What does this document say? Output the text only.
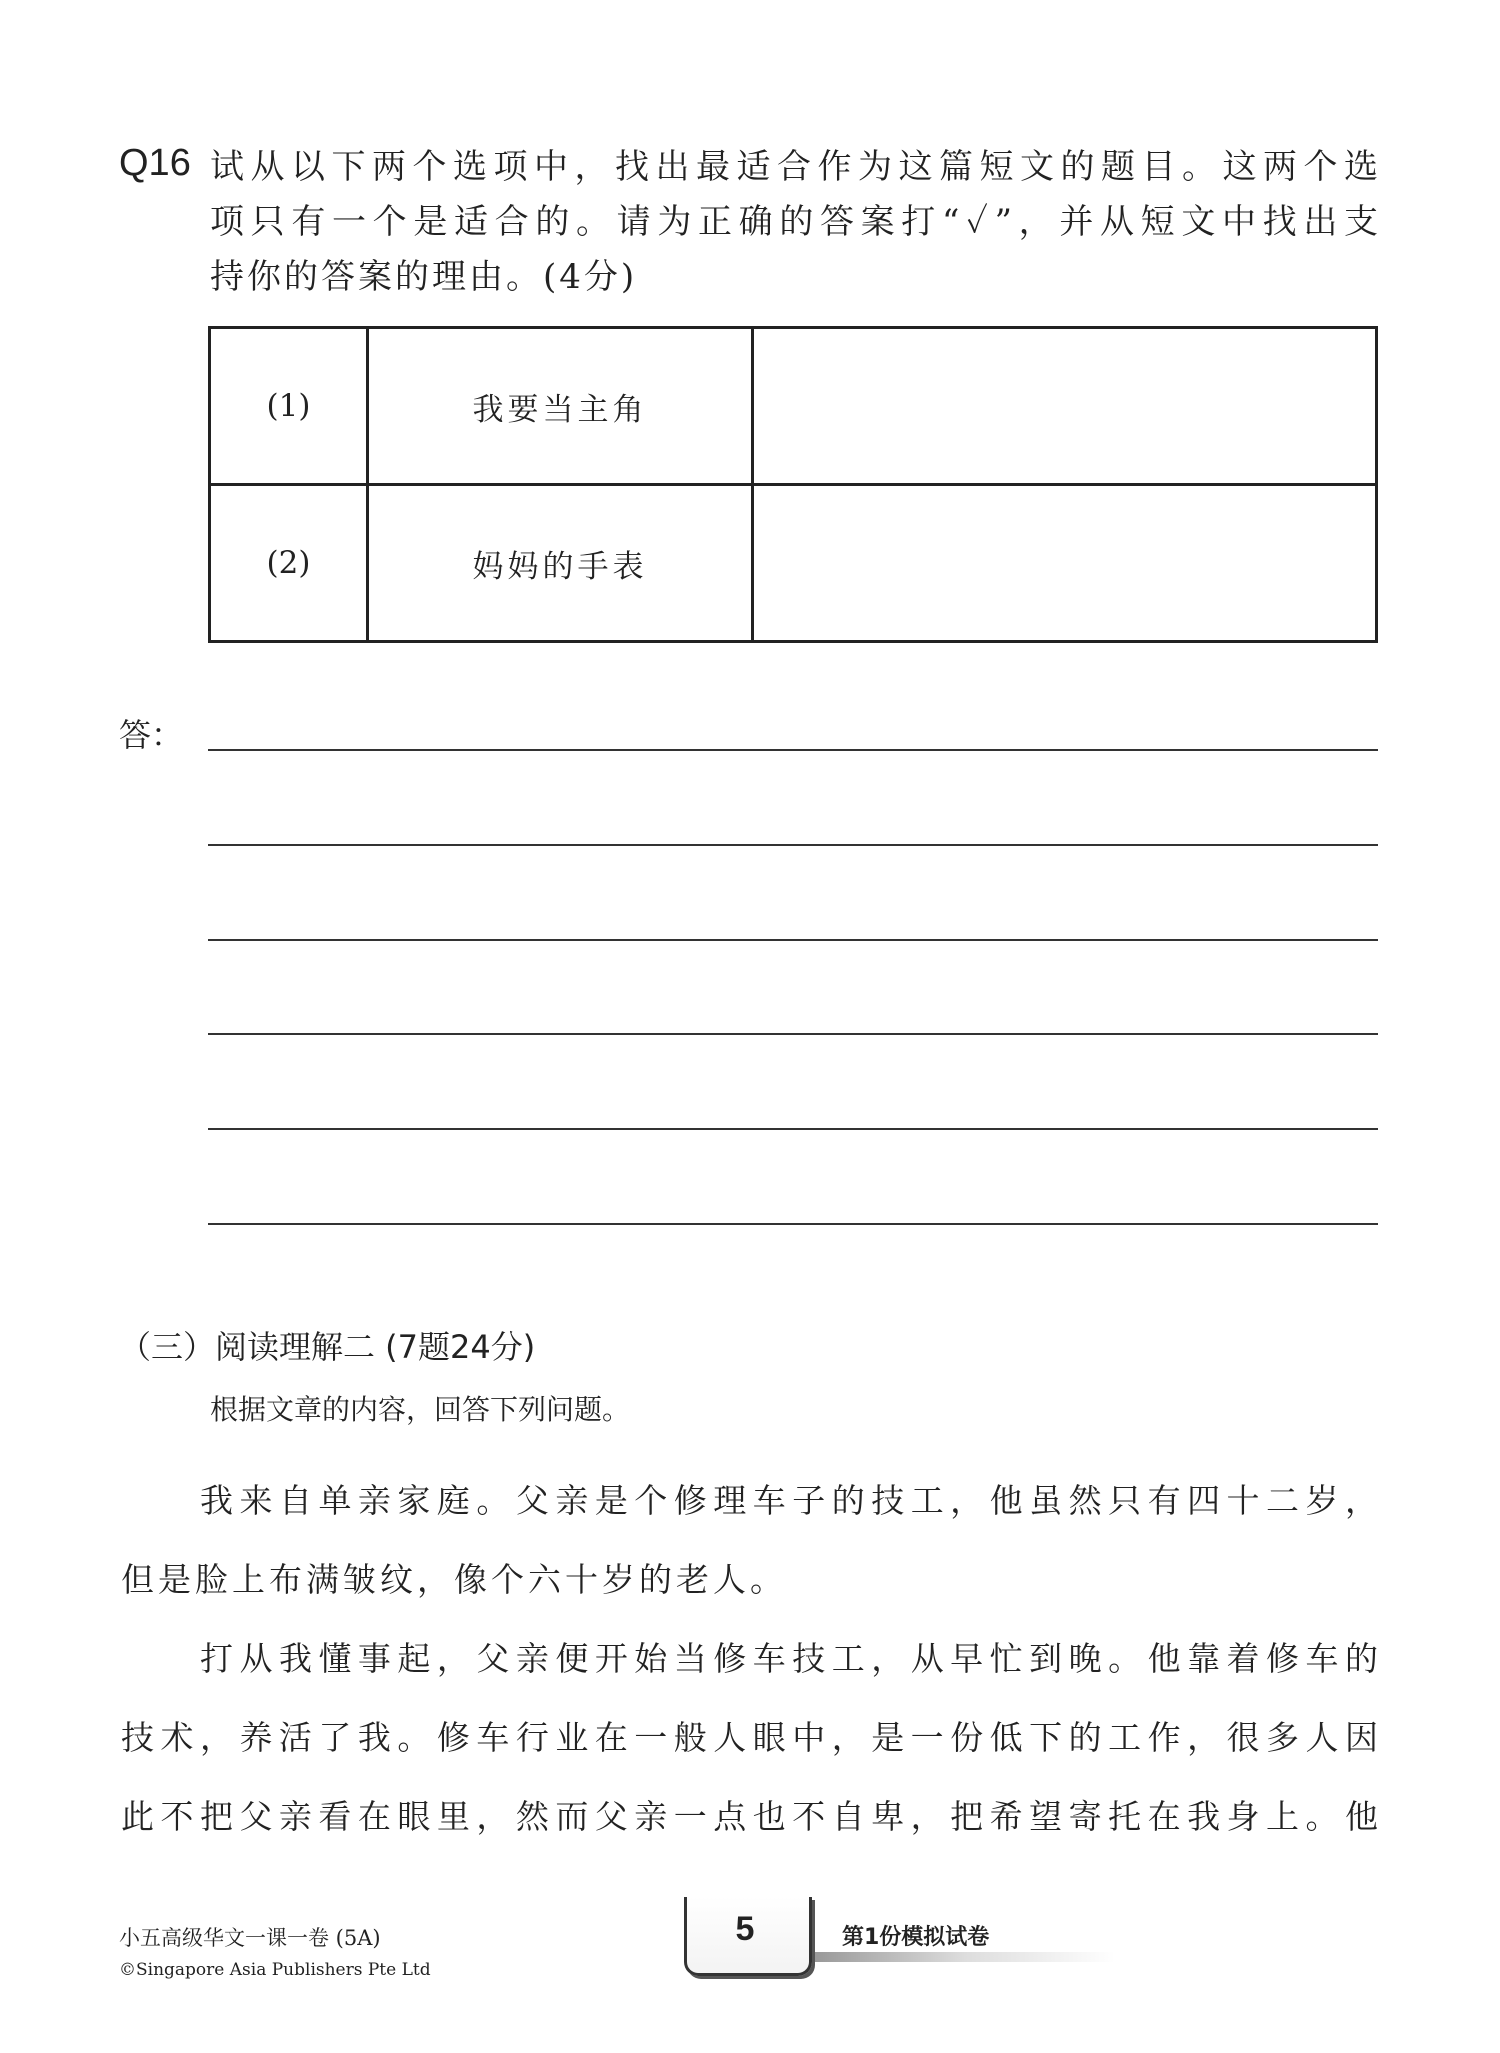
Q16 试从以下两个选项中，找出最适合作为这篇短文的题目。这两个选
项只有一个是适合的。请为正确的答案打“✓”，并从短文中找出支
持你的答案的理由。(4分)
(1)	我要当主角	
(2)	妈妈的手表	
答：
（三）阅读理解二 (7题24分)
根据文章的内容，回答下列问题。
我来自单亲家庭。父亲是个修理车子的技工，他虽然只有四十二岁，
但是脸上布满皱纹，像个六十岁的老人。
打从我懂事起，父亲便开始当修车技工，从早忙到晚。他靠着修车的
技术，养活了我。修车行业在一般人眼中，是一份低下的工作，很多人因
此不把父亲看在眼里，然而父亲一点也不自卑，把希望寄托在我身上。他
小五高级华文一课一卷 (5A)
©Singapore Asia Publishers Pte Ltd
5	第1份模拟试卷
